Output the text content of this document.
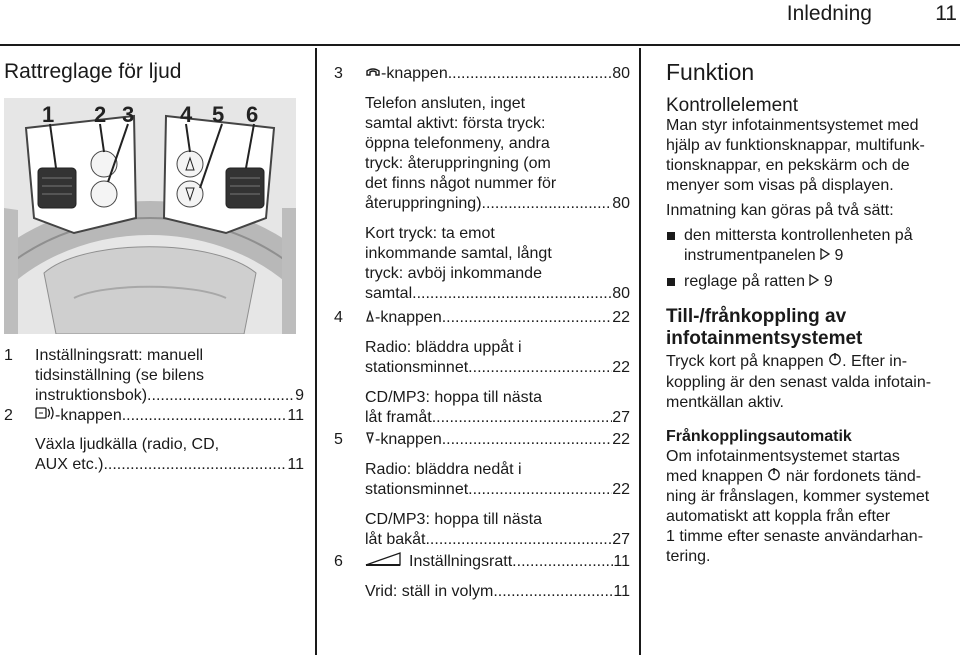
Inledning	11
Rattreglage för ljud
1 2 3 4 5 6
1 Inställningsratt: manuell
tidsinställning (se bilens
instruktionsbok) .....	9
2	-knappen .....	11
Växla ljudkälla (radio, CD,
AUX etc.) .....	11
3 -knappen .....	80
Telefon ansluten, inget
samtal aktivt: första tryck:
öppna telefonmeny, andra
tryck: återuppringning (om
det finns något nummer för
återuppringning) .....	80
Kort tryck: ta emot
inkommande samtal, långt
tryck: avböj inkommande
samtal .....	80
4 -knappen .....	22
Radio: bläddra uppåt i
stationsminnet .....	22
CD/MP3: hoppa till nästa
låt framåt .....	27
5 -knappen .....	22
Radio: bläddra nedåt i
stationsminnet .....	22
CD/MP3: hoppa till nästa
låt bakåt .....	27
6	Inställningsratt .....	11
Vrid: ställ in volym .....	11
Funktion
Kontrollelement
Man styr infotainmentsystemet med
hjälp av funktionsknappar, multifunk-
tionsknappar, en pekskärm och de
menyer som visas på displayen.
Inmatning kan göras på två sätt:
den mittersta kontrollenheten på
instrumentpanelen 9
reglage på ratten 9
Till-/frånkoppling av
infotainmentsystemet
Tryck kort på knappen . Efter in-
koppling är den senast valda infotain-
mentkällan aktiv.
Frånkopplingsautomatik
Om infotainmentsystemet startas
med knappen när fordonets tänd-
ning är frånslagen, kommer systemet
automatiskt att koppla från efter
1 timme efter senaste användarhan-
tering.
